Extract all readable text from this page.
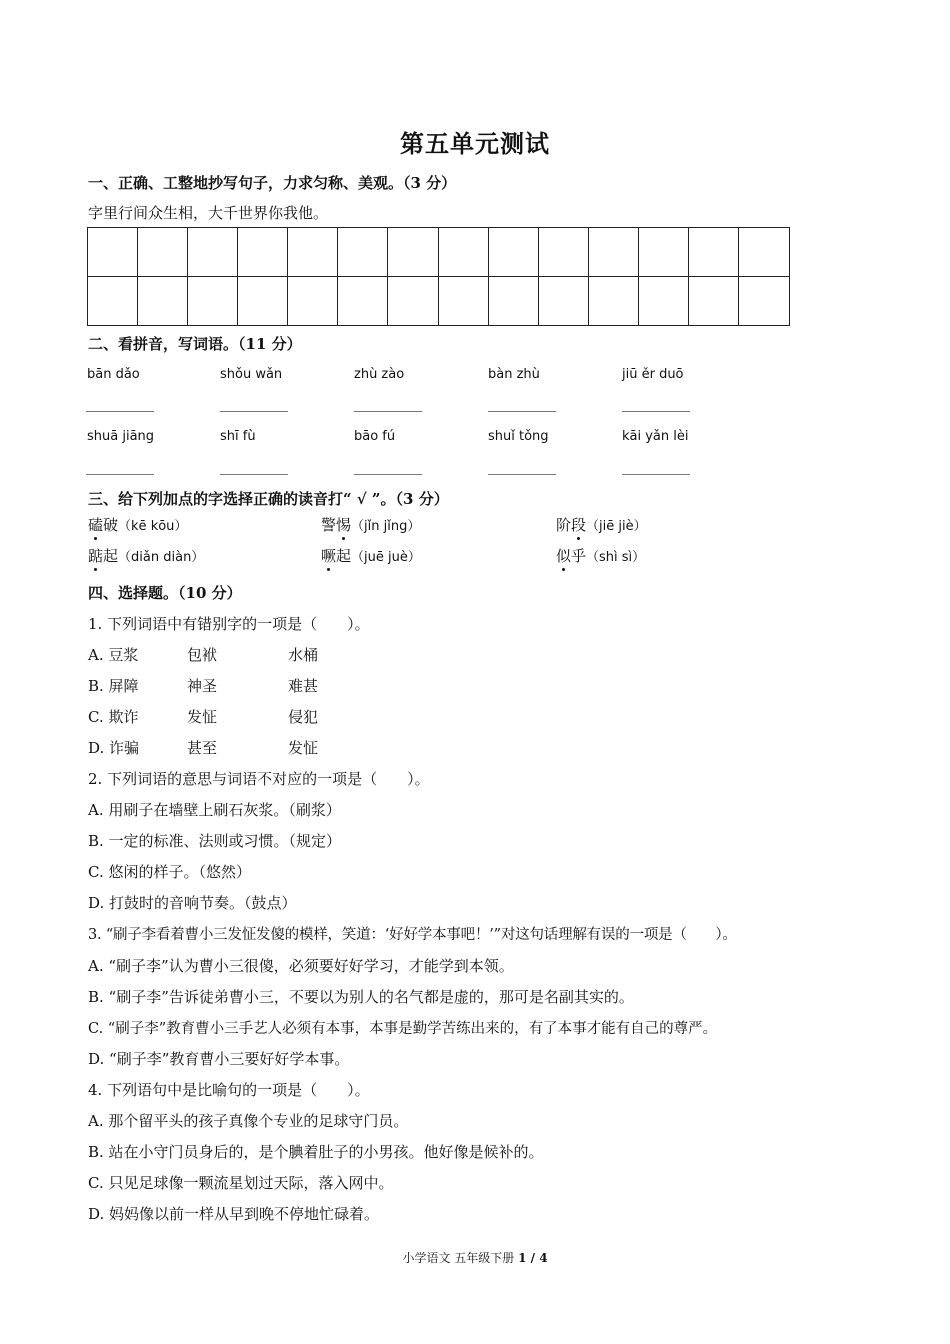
第五单元测试
一、正确、工整地抄写句子，力求匀称、美观。（3 分）
字里行间众生相，大千世界你我他。
二、看拼音，写词语。（11 分）
bān dǎo	shǒu wǎn	zhù zào	bàn zhù	jiū ěr duō
shuā jiāng	shī fù	bāo fú	shuǐ tǒng	kāi yǎn lèi
三、给下列加点的字选择正确的读音打“ √ ”。（3 分）
磕破（kē kōu）	警惕（jǐn jǐng）	阶段（jiē jiè）
踮起（diǎn diàn）	噘起（juē juè）	似乎（shì sì）
四、选择题。（10 分）
1. 下列词语中有错别字的一项是（　　）。
A. 豆浆	包袱	水桶
B. 屏障	神圣	难甚
C. 欺诈	发怔	侵犯
D. 诈骗	甚至	发怔
2. 下列词语的意思与词语不对应的一项是（　　）。
A. 用刷子在墙壁上刷石灰浆。（刷浆）
B. 一定的标准、法则或习惯。（规定）
C. 悠闲的样子。（悠然）
D. 打鼓时的音响节奏。（鼓点）
3. “刷子李看着曹小三发怔发傻的模样，笑道：‘好好学本事吧！’”对这句话理解有误的一项是（　　）。
A. “刷子李”认为曹小三很傻，必须要好好学习，才能学到本领。
B. “刷子李”告诉徒弟曹小三，不要以为别人的名气都是虚的，那可是名副其实的。
C. “刷子李”教育曹小三手艺人必须有本事，本事是勤学苦练出来的，有了本事才能有自己的尊严。
D. “刷子李”教育曹小三要好好学本事。
4. 下列语句中是比喻句的一项是（　　）。
A. 那个留平头的孩子真像个专业的足球守门员。
B. 站在小守门员身后的，是个腆着肚子的小男孩。他好像是候补的。
C. 只见足球像一颗流星划过天际，落入网中。
D. 妈妈像以前一样从早到晚不停地忙碌着。
小学语文 五年级下册 1 / 4
